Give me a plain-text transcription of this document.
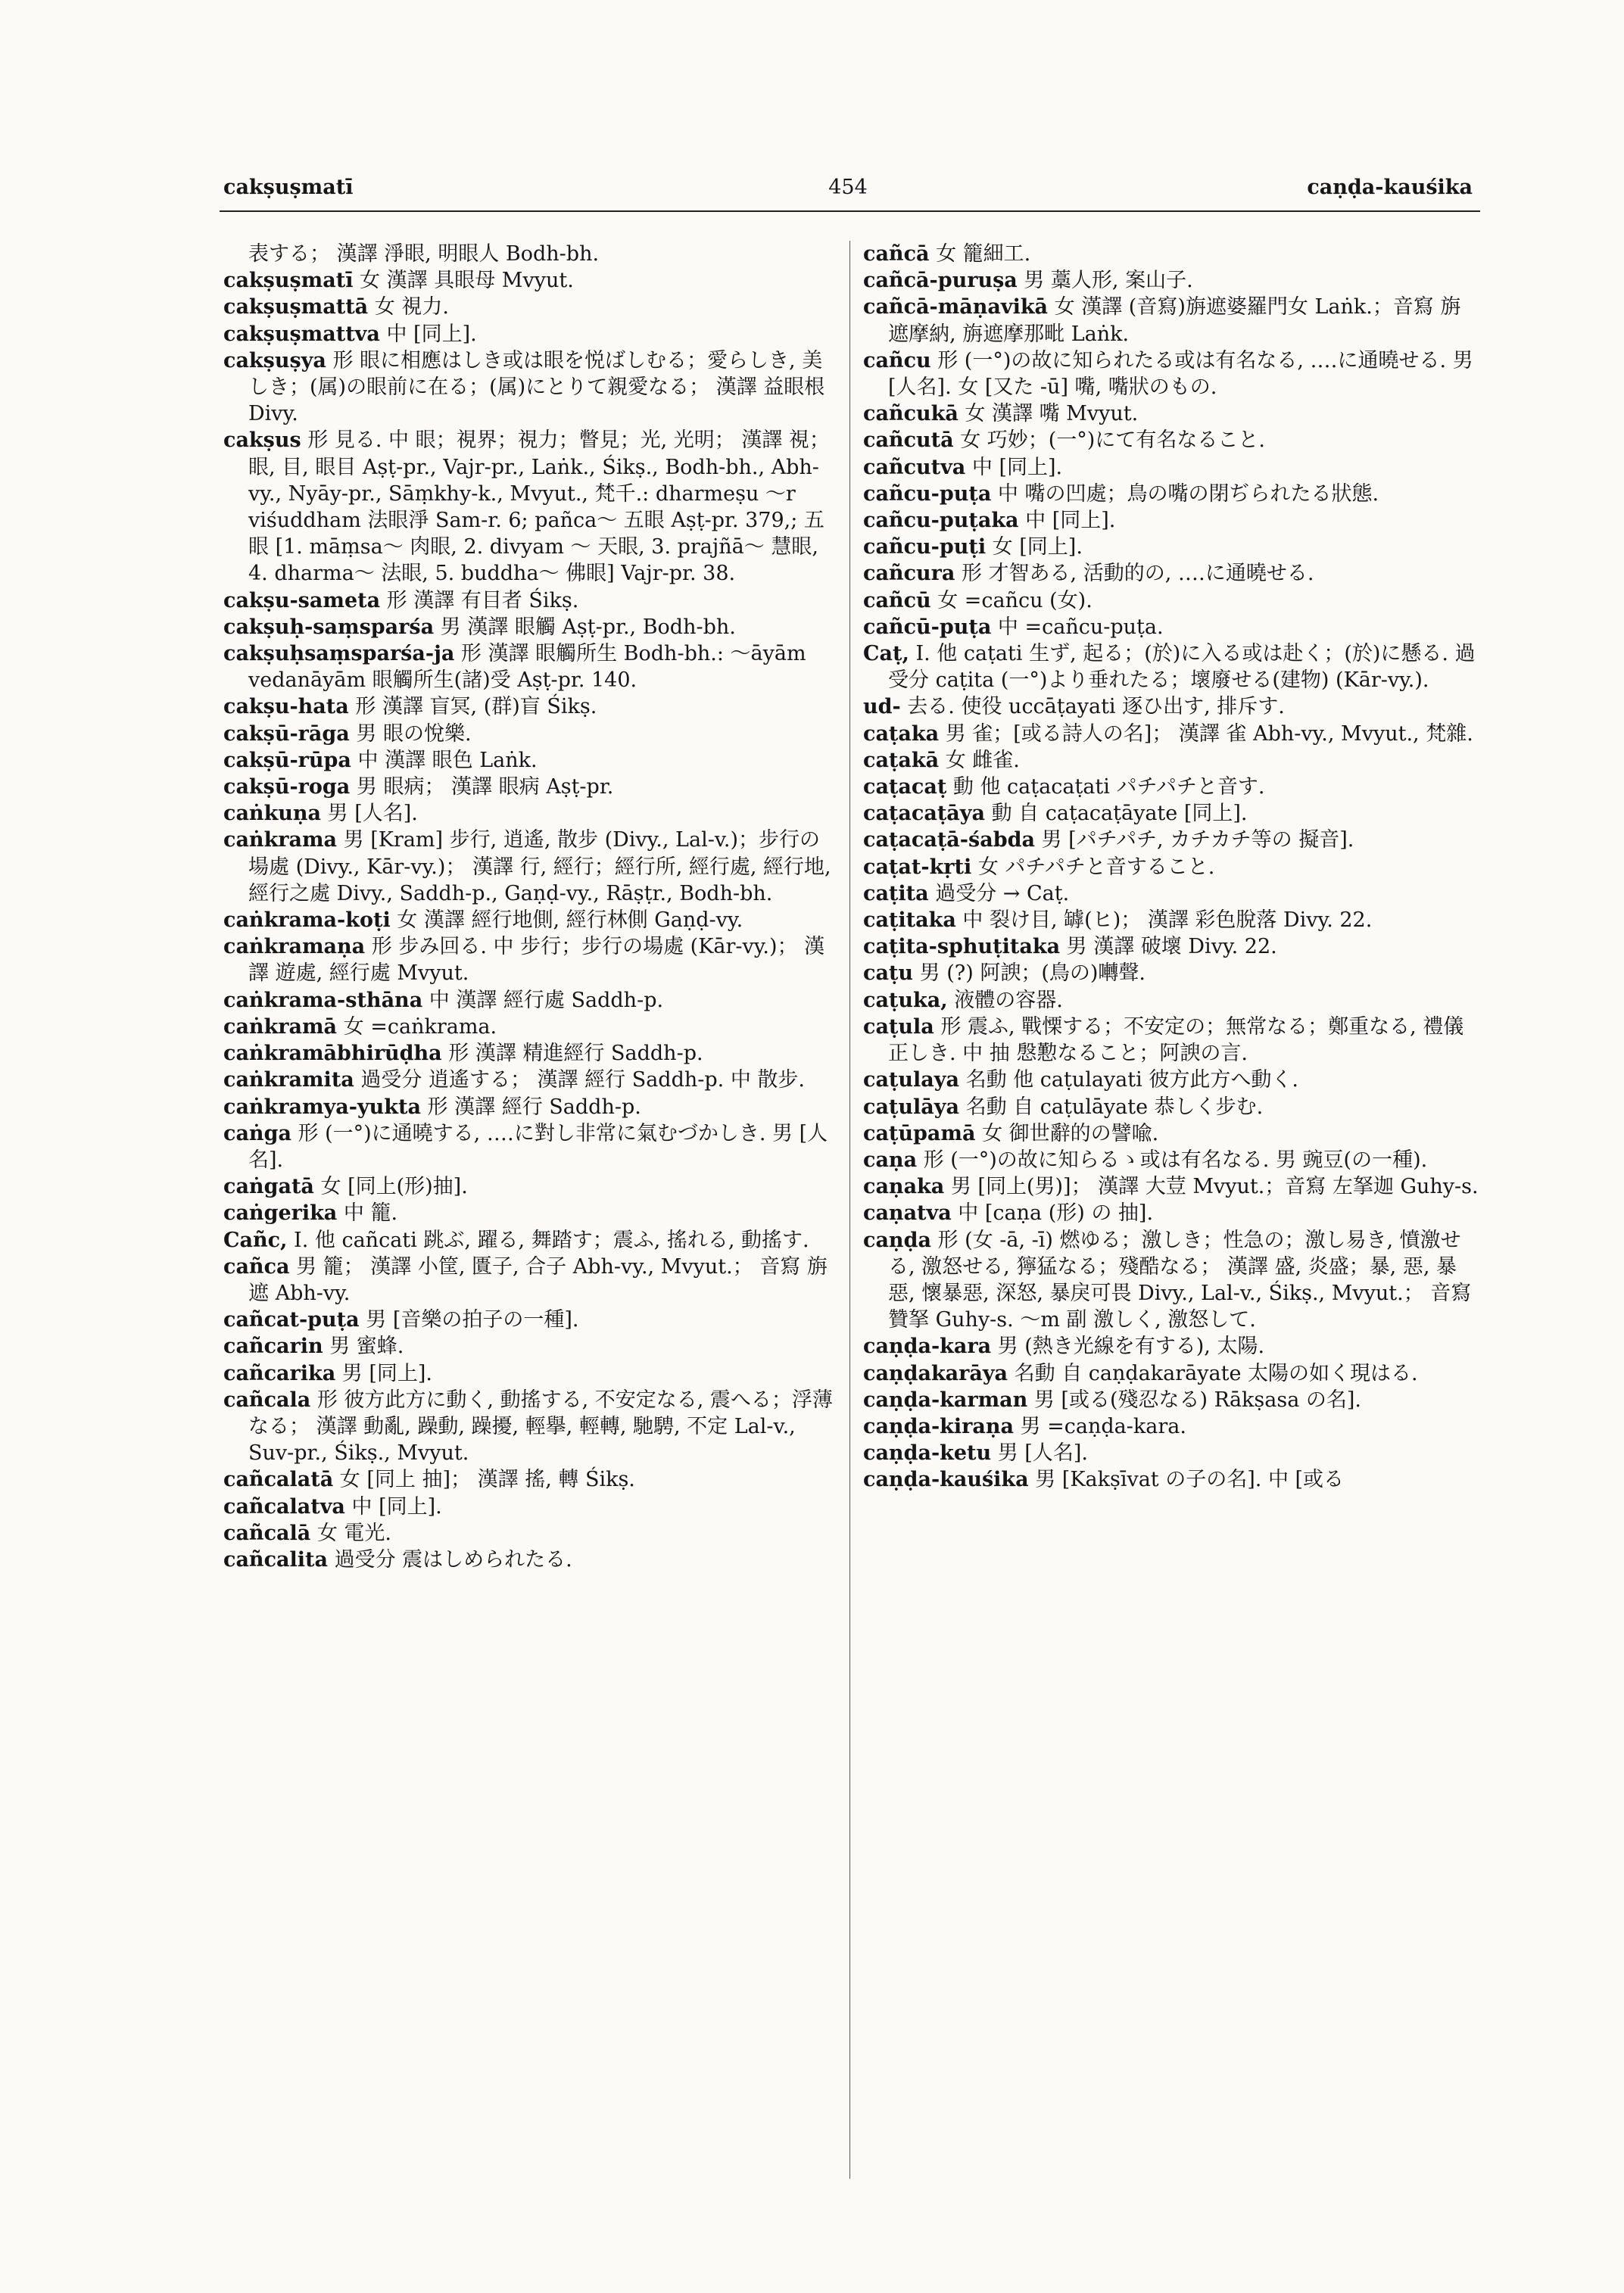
cakṣuṣmatī	454	caṇḍa-kauśika
表する； 漢譯 淨眼, 明眼人 Bodh-bh.
cakṣuṣmatī 女 漢譯 具眼母 Mvyut.
cakṣuṣmattā 女 視力.
cakṣuṣmattva 中 [同上].
cakṣuṣya 形 眼に相應はしき或は眼を悦ばしむる；愛らしき, 美しき；(属)の眼前に在る；(属)にとりて親愛なる； 漢譯 益眼根 Divy.
cakṣus 形 見る. 中 眼；視界；視力；瞥見；光, 光明； 漢譯 視；眼, 目, 眼目 Aṣṭ-pr., Vajr-pr., Laṅk., Śikṣ., Bodh-bh., Abh-vy., Nyāy-pr., Sāṃkhy-k., Mvyut., 梵千.: dharmeṣu ～r viśuddham 法眼淨 Sam-r. 6; pañca～ 五眼 Aṣṭ-pr. 379,; 五眼 [1. māṃsa～ 肉眼, 2. divyam ～ 天眼, 3. prajñā～ 慧眼, 4. dharma～ 法眼, 5. buddha～ 佛眼] Vajr-pr. 38.
cakṣu-sameta 形 漢譯 有目者 Śikṣ.
cakṣuḥ-saṃsparśa 男 漢譯 眼觸 Aṣṭ-pr., Bodh-bh.
cakṣuḥsaṃsparśa-ja 形 漢譯 眼觸所生 Bodh-bh.: ～āyām vedanāyām 眼觸所生(諸)受 Aṣṭ-pr. 140.
cakṣu-hata 形 漢譯 盲冥, (群)盲 Śikṣ.
cakṣū-rāga 男 眼の悅樂.
cakṣū-rūpa 中 漢譯 眼色 Laṅk.
cakṣū-roga 男 眼病； 漢譯 眼病 Aṣṭ-pr.
caṅkuṇa 男 [人名].
caṅkrama 男 [Kram] 步行, 逍遙, 散步 (Divy., Lal-v.)；步行の場處 (Divy., Kār-vy.)； 漢譯 行, 經行；經行所, 經行處, 經行地, 經行之處 Divy., Saddh-p., Gaṇḍ-vy., Rāṣṭr., Bodh-bh.
caṅkrama-koṭi 女 漢譯 經行地側, 經行林側 Gaṇḍ-vy.
caṅkramaṇa 形 步み回る. 中 步行；步行の場處 (Kār-vy.)； 漢譯 遊處, 經行處 Mvyut.
caṅkrama-sthāna 中 漢譯 經行處 Saddh-p.
caṅkramā 女 =caṅkrama.
caṅkramābhirūḍha 形 漢譯 精進經行 Saddh-p.
caṅkramita 過受分 逍遙する； 漢譯 經行 Saddh-p. 中 散步.
caṅkramya-yukta 形 漢譯 經行 Saddh-p.
caṅga 形 (一°)に通曉する, ‥‥に對し非常に氣むづかしき. 男 [人名].
caṅgatā 女 [同上(形)抽].
caṅgerika 中 籠.
Cañc, I. 他 cañcati 跳ぶ, 躍る, 舞踏す；震ふ, 搖れる, 動搖す.
cañca 男 籠； 漢譯 小筐, 匱子, 合子 Abh-vy., Mvyut.； 音寫 旃遮 Abh-vy.
cañcat-puṭa 男 [音樂の拍子の一種].
cañcarin 男 蜜蜂.
cañcarika 男 [同上].
cañcala 形 彼方此方に動く, 動搖する, 不安定なる, 震へる；浮薄なる； 漢譯 動亂, 躁動, 躁擾, 輕擧, 輕轉, 馳騁, 不定 Lal-v., Suv-pr., Śikṣ., Mvyut.
cañcalatā 女 [同上 抽]； 漢譯 搖, 轉 Śikṣ.
cañcalatva 中 [同上].
cañcalā 女 電光.
cañcalita 過受分 震はしめられたる.
cañcā 女 籠細工.
cañcā-puruṣa 男 藁人形, 案山子.
cañcā-māṇavikā 女 漢譯 (音寫)旃遮婆羅門女 Laṅk.；音寫 旃遮摩納, 旃遮摩那毗 Laṅk.
cañcu 形 (一°)の故に知られたる或は有名なる, ‥‥に通曉せる. 男 [人名]. 女 [又た -ū] 嘴, 嘴狀のもの.
cañcukā 女 漢譯 嘴 Mvyut.
cañcutā 女 巧妙；(一°)にて有名なること.
cañcutva 中 [同上].
cañcu-puṭa 中 嘴の凹處；鳥の嘴の閉ぢられたる狀態.
cañcu-puṭaka 中 [同上].
cañcu-puṭi 女 [同上].
cañcura 形 才智ある, 活動的の, ‥‥に通曉せる.
cañcū 女 =cañcu (女).
cañcū-puṭa 中 =cañcu-puṭa.
Caṭ, I. 他 caṭati 生ず, 起る；(於)に入る或は赴く；(於)に懸る. 過受分 caṭita (一°)より垂れたる；壞廢せる(建物) (Kār-vy.).
ud- 去る. 使役 uccāṭayati 逐ひ出す, 排斥す.
caṭaka 男 雀；[或る詩人の名]； 漢譯 雀 Abh-vy., Mvyut., 梵雜.
caṭakā 女 雌雀.
caṭacaṭ 動 他 caṭacaṭati パチパチと音す.
caṭacaṭāya 動 自 caṭacaṭāyate [同上].
caṭacaṭā-śabda 男 [パチパチ, カチカチ等の 擬音].
caṭat-kṛti 女 パチパチと音すること.
caṭita 過受分 → Caṭ.
caṭitaka 中 裂け目, 罅(ヒ)； 漢譯 彩色脫落 Divy. 22.
caṭita-sphuṭitaka 男 漢譯 破壞 Divy. 22.
caṭu 男 (?) 阿諛；(鳥の)囀聲.
caṭuka, 液體の容器.
caṭula 形 震ふ, 戰慄する；不安定の；無常なる；鄭重なる, 禮儀正しき. 中 抽 慇懃なること；阿諛の言.
caṭulaya 名動 他 caṭulayati 彼方此方へ動く.
caṭulāya 名動 自 caṭulāyate 恭しく步む.
caṭūpamā 女 御世辭的の譬喩.
caṇa 形 (一°)の故に知らるゝ或は有名なる. 男 豌豆(の一種).
caṇaka 男 [同上(男)]； 漢譯 大荳 Mvyut.；音寫 左拏迦 Guhy-s.
caṇatva 中 [caṇa (形) の 抽].
caṇḍa 形 (女 -ā, -ī) 燃ゆる；激しき；性急の；激し易き, 憤激せる, 激怒せる, 獰猛なる；殘酷なる； 漢譯 盛, 炎盛；暴, 惡, 暴惡, 懷暴惡, 深怒, 暴戾可畏 Divy., Lal-v., Śikṣ., Mvyut.； 音寫 贊拏 Guhy-s. ～m 副 激しく, 激怒して.
caṇḍa-kara 男 (熱き光線を有する), 太陽.
caṇḍakarāya 名動 自 caṇḍakarāyate 太陽の如く現はる.
caṇḍa-karman 男 [或る(殘忍なる) Rākṣasa の名].
caṇḍa-kiraṇa 男 =caṇḍa-kara.
caṇḍa-ketu 男 [人名].
caṇḍa-kauśika 男 [Kakṣīvat の子の名]. 中 [或る
